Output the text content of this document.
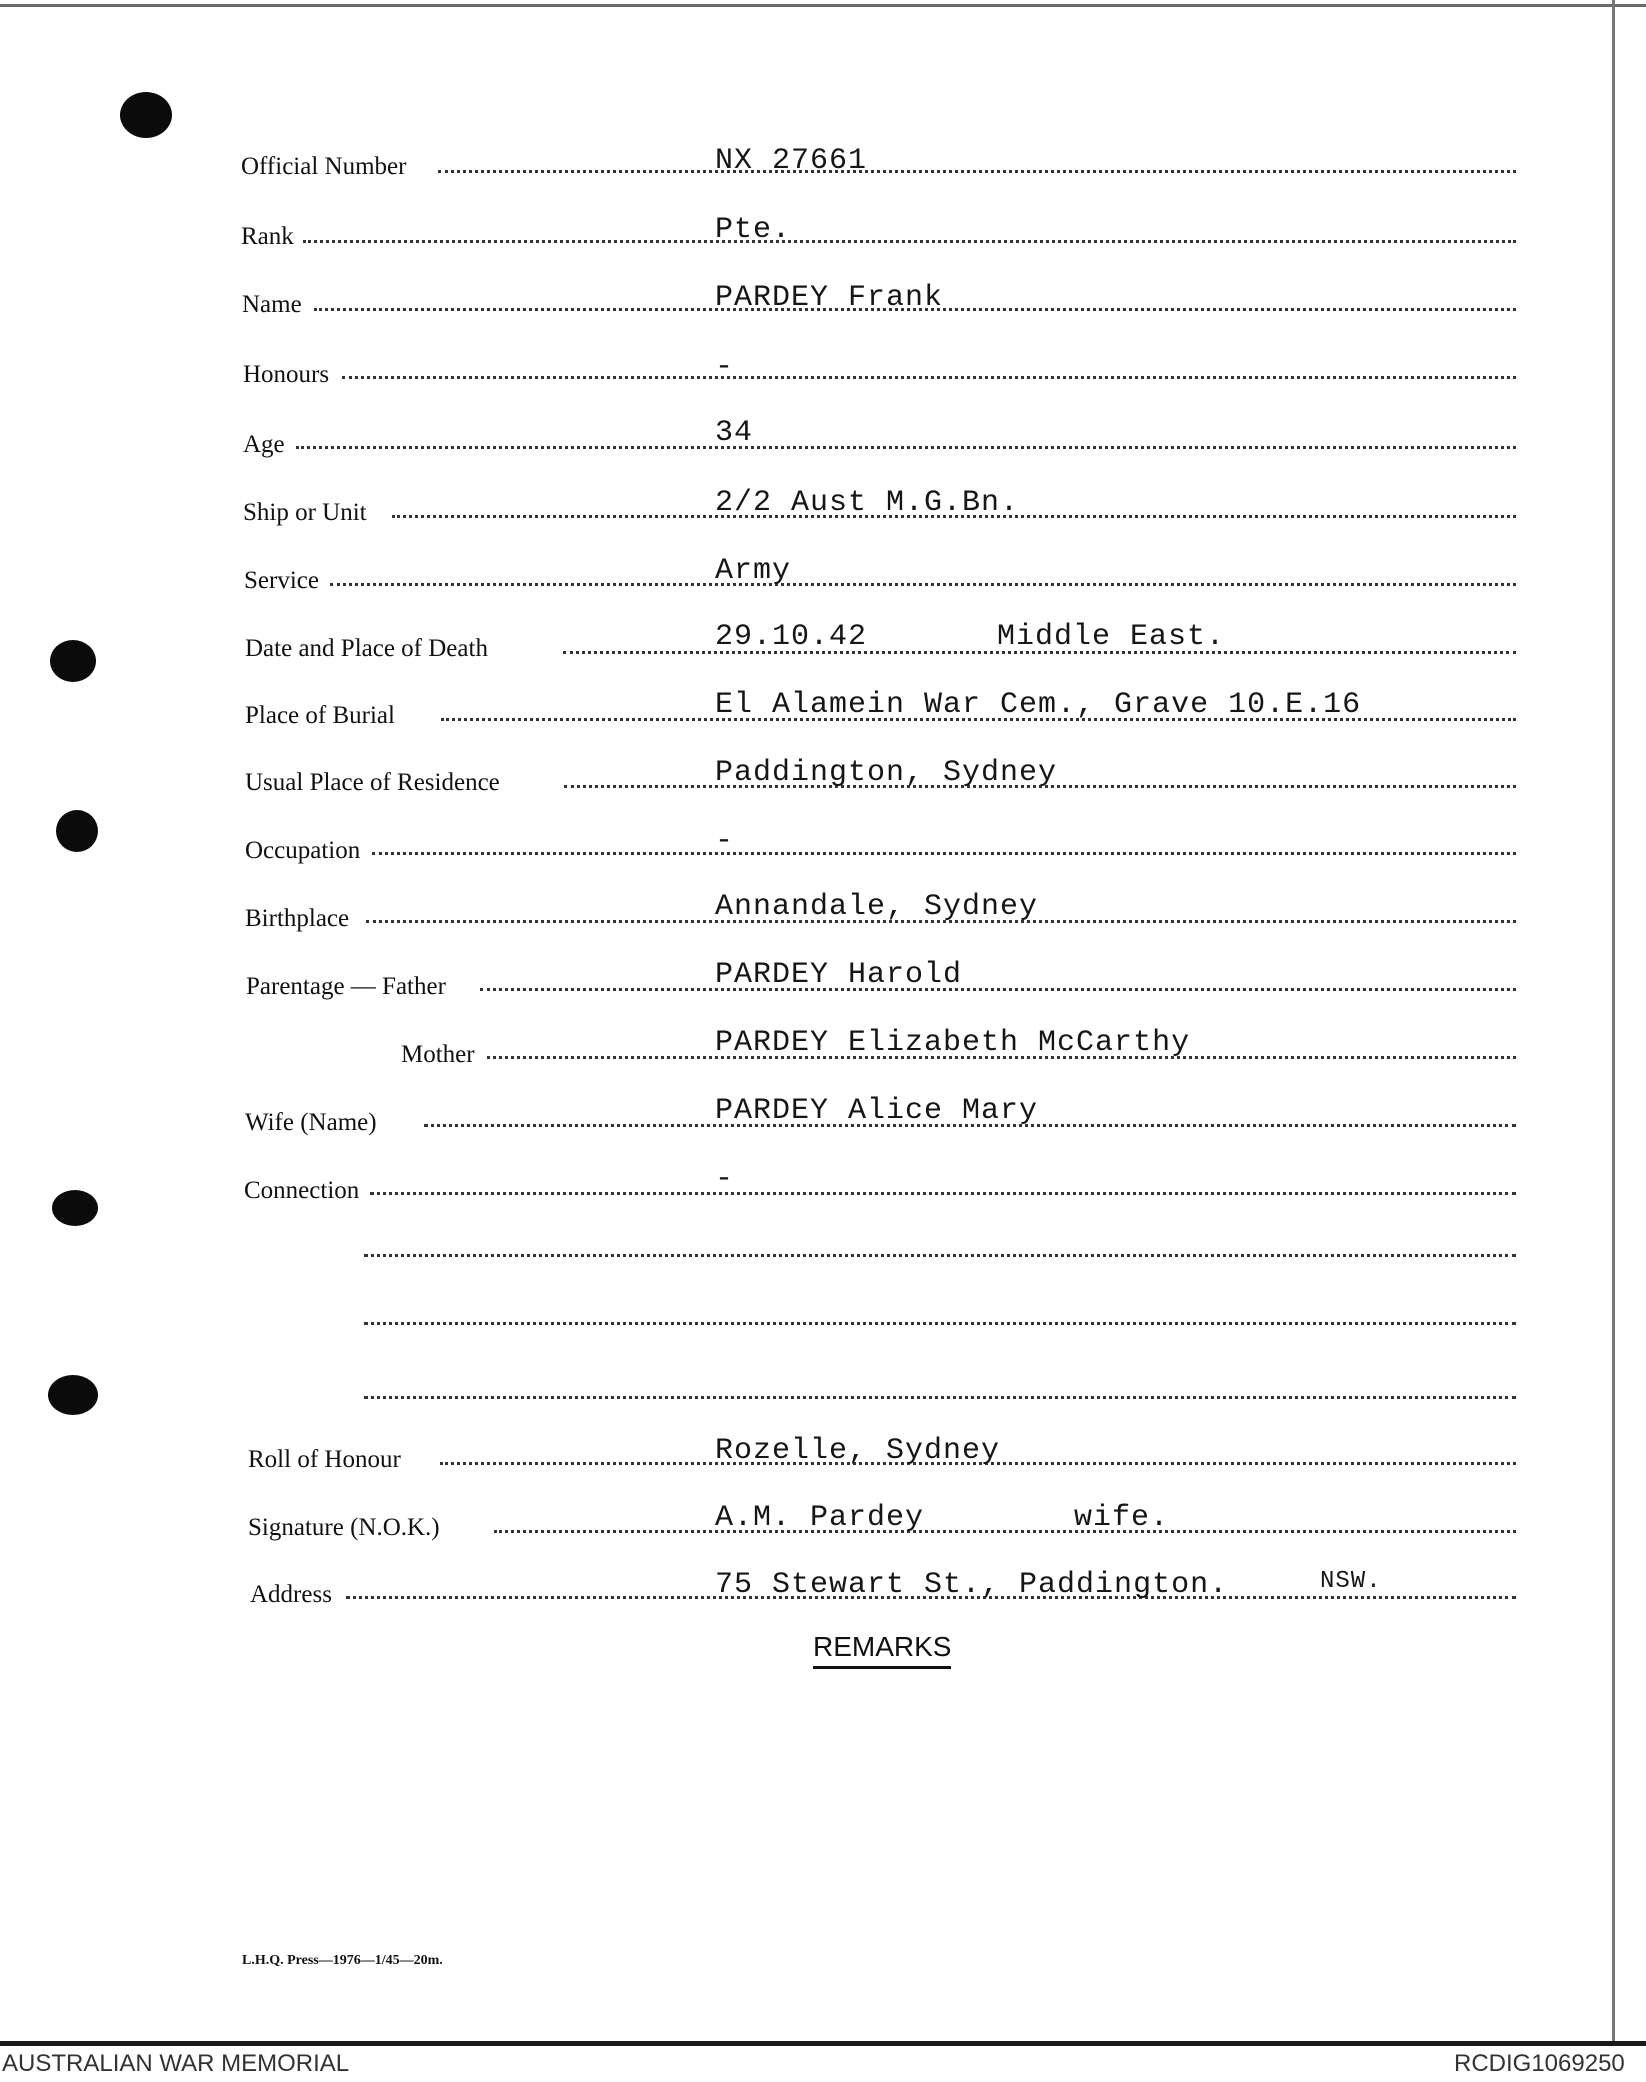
Official Number	NX 27661
Rank	Pte.
Name	PARDEY Frank
Honours	-
Age	34
Ship or Unit	2/2 Aust M.G.Bn.
Service	Army
Date and Place of Death	29.10.42	Middle East.
Place of Burial	El Alamein War Cem., Grave 10.E.16
Usual Place of Residence	Paddington, Sydney
Occupation	-
Birthplace	Annandale, Sydney
Parentage — Father	PARDEY Harold
Mother	PARDEY Elizabeth McCarthy
Wife (Name)	PARDEY Alice Mary
Connection	-
Roll of Honour	Rozelle, Sydney
Signature (N.O.K.)	A.M. Pardey	wife.
Address	75 Stewart St., Paddington.	NSW.
REMARKS
L.H.Q. Press—1976—1/45—20m.
AUSTRALIAN WAR MEMORIAL	RCDIG1069250
